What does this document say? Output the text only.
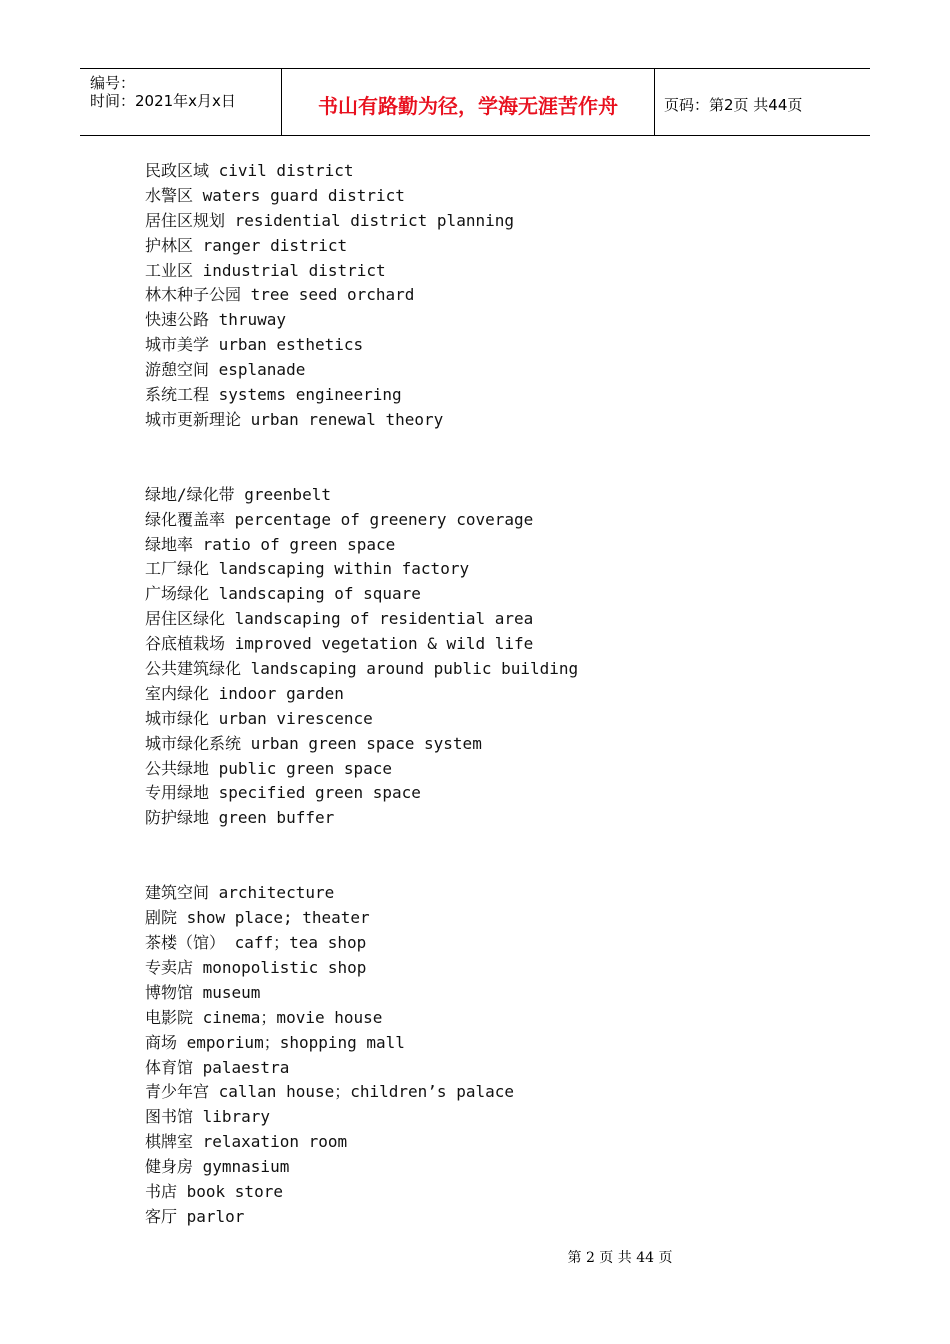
编号：
时间：2021年x月x日	书山有路勤为径，学海无涯苦作舟	页码：第2页 共44页
民政区域 civil district
水警区 waters guard district
居住区规划 residential district planning
护林区 ranger district
工业区 industrial district
林木种子公园 tree seed orchard
快速公路 thruway
城市美学 urban esthetics
游憩空间 esplanade
系统工程 systems engineering
城市更新理论 urban renewal theory
绿地/绿化带 greenbelt
绿化覆盖率 percentage of greenery coverage
绿地率 ratio of green space
工厂绿化 landscaping within factory
广场绿化 landscaping of square
居住区绿化 landscaping of residential area
谷底植栽场 improved vegetation & wild life
公共建筑绿化 landscaping around public building
室内绿化 indoor garden
城市绿化 urban virescence
城市绿化系统 urban green space system
公共绿地 public green space
专用绿地 specified green space
防护绿地 green buffer
建筑空间 architecture
剧院 show place; theater
茶楼（馆） caff；tea shop
专卖店 monopolistic shop
博物馆 museum
电影院 cinema；movie house
商场 emporium；shopping mall
体育馆 palaestra
青少年宫 callan house；children’s palace
图书馆 library
棋牌室 relaxation room
健身房 gymnasium
书店 book store
客厅 parlor
第 2 页 共 44 页
